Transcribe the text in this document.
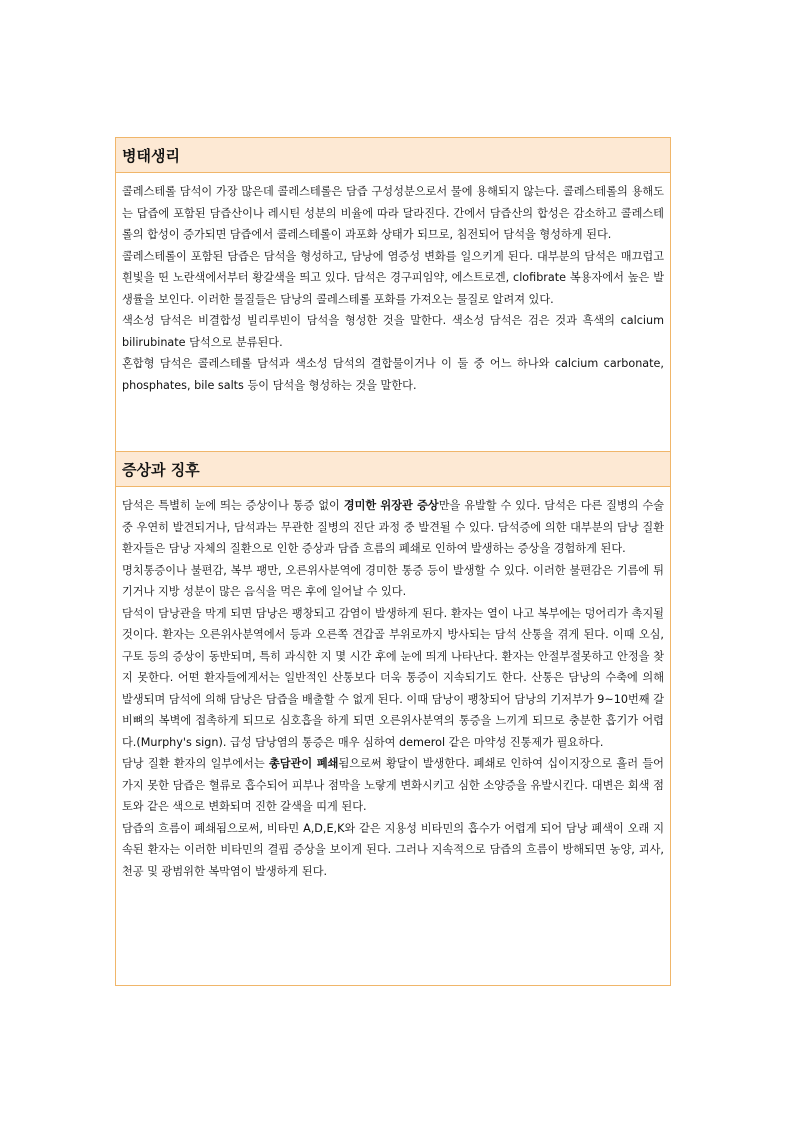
병태생리

콜레스테롤 담석이 가장 많은데 콜레스테롤은 담즙 구성성분으로서 물에 용해되지 않는다. 콜레스테롤의 용해도는 답즙에 포함된 담즙산이나 레시틴 성분의 비율에 따라 달라진다. 간에서 담즙산의 합성은 감소하고 콜레스테롤의 합성이 증가되면 담즙에서 콜레스테롤이 과포화 상태가 되므로, 침전되어 담석을 형성하게 된다.

콜레스테롤이 포함된 담즙은 담석을 형성하고, 담낭에 염증성 변화를 일으키게 된다. 대부분의 담석은 매끄럽고 흰빛을 띤 노란색에서부터 황갈색을 띄고 있다. 담석은 경구피임약, 에스트로겐, clofibrate 복용자에서 높은 발생률을 보인다. 이러한 물질들은 담낭의 콜레스테롤 포화를 가져오는 물질로 알려져 있다.

색소성 담석은 비결합성 빌리루빈이 담석을 형성한 것을 말한다. 색소성 담석은 검은 것과 흑색의 calcium bilirubinate 담석으로 분류된다.

혼합형 담석은 콜레스테롤 담석과 색소성 담석의 결합물이거나 이 둘 중 어느 하나와 calcium carbonate, phosphates, bile salts 등이 담석을 형성하는 것을 말한다.

증상과 징후

담석은 특별히 눈에 띄는 증상이나 통증 없이 경미한 위장관 증상만을 유발할 수 있다. 담석은 다른 질병의 수술 중 우연히 발견되거나, 담석과는 무관한 질병의 진단 과정 중 발견될 수 있다. 담석증에 의한 대부분의 담낭 질환 환자들은 담낭 자체의 질환으로 인한 증상과 담즙 흐름의 폐쇄로 인하여 발생하는 증상을 경험하게 된다.

명치통증이나 불편감, 복부 팽만, 오른위사분역에 경미한 통증 등이 발생할 수 있다. 이러한 불편감은 기름에 튀기거나 지방 성분이 많은 음식을 먹은 후에 일어날 수 있다.

담석이 담낭관을 막게 되면 담낭은 팽창되고 감염이 발생하게 된다. 환자는 열이 나고 복부에는 덩어리가 촉지될 것이다. 환자는 오른위사분역에서 등과 오른쪽 견갑골 부위로까지 방사되는 담석 산통을 겪게 된다. 이때 오심, 구토 등의 증상이 동반되며, 특히 과식한 지 몇 시간 후에 눈에 띄게 나타난다. 환자는 안절부절못하고 안정을 찾지 못한다. 어떤 환자들에게서는 일반적인 산통보다 더욱 통증이 지속되기도 한다. 산통은 담낭의 수축에 의해 발생되며 담석에 의해 담낭은 담즙을 배출할 수 없게 된다. 이때 담낭이 팽창되어 담낭의 기저부가 9~10번째 갈비뼈의 복벽에 접촉하게 되므로 심호흡을 하게 되면 오른위사분역의 통증을 느끼게 되므로 충분한 흡기가 어렵다.(Murphy's sign). 급성 담낭염의 통증은 매우 심하여 demerol 같은 마약성 진통제가 필요하다.

담낭 질환 환자의 일부에서는 총담관이 폐쇄됨으로써 황달이 발생한다. 폐쇄로 인하여 십이지장으로 흘러 들어가지 못한 담즙은 혈류로 흡수되어 피부나 점막을 노랗게 변화시키고 심한 소양증을 유발시킨다. 대변은 회색 점토와 같은 색으로 변화되며 진한 갈색을 띠게 된다.

담즙의 흐름이 폐쇄됨으로써, 비타민 A,D,E,K와 같은 지용성 비타민의 흡수가 어렵게 되어 담낭 폐색이 오래 지속된 환자는 이러한 비타민의 결핍 증상을 보이게 된다. 그러나 지속적으로 담즙의 흐름이 방해되면 농양, 괴사, 천공 및 광범위한 복막염이 발생하게 된다.
